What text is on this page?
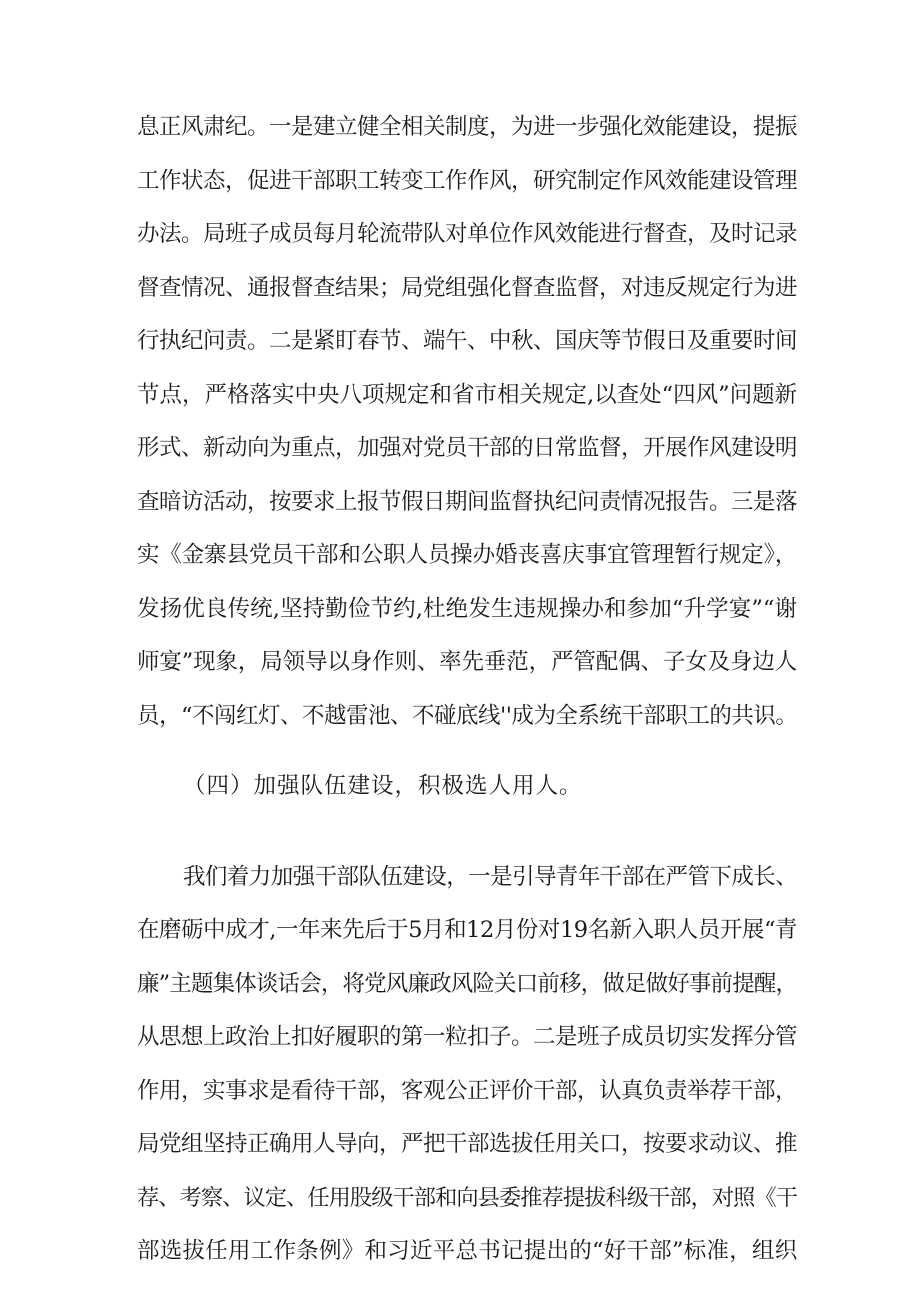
息正风肃纪。一是建立健全相关制度，为进一步强化效能建设，提振
工作状态，促进干部职工转变工作作风，研究制定作风效能建设管理
办法。局班子成员每月轮流带队对单位作风效能进行督查，及时记录
督查情况、通报督查结果；局党组强化督查监督，对违反规定行为进
行执纪问责。二是紧盯春节、端午、中秋、国庆等节假日及重要时间
节点，严格落实中央八项规定和省市相关规定,以查处“四风”问题新
形式、新动向为重点，加强对党员干部的日常监督，开展作风建设明
查暗访活动，按要求上报节假日期间监督执纪问责情况报告。三是落
实《金寨县党员干部和公职人员操办婚丧喜庆事宜管理暂行规定》，
发扬优良传统,坚持勤俭节约,杜绝发生违规操办和参加“升学宴”“谢
师宴”现象，局领导以身作则、率先垂范，严管配偶、子女及身边人
员，“不闯红灯、不越雷池、不碰底线''成为全系统干部职工的共识。
（四）加强队伍建设，积极选人用人。
我们着力加强干部队伍建设，一是引导青年干部在严管下成长、
在磨砺中成才,一年来先后于5月和12月份对19名新入职人员开展“青
廉”主题集体谈话会，将党风廉政风险关口前移，做足做好事前提醒，
从思想上政治上扣好履职的第一粒扣子。二是班子成员切实发挥分管
作用，实事求是看待干部，客观公正评价干部，认真负责举荐干部，
局党组坚持正确用人导向，严把干部选拔任用关口，按要求动议、推
荐、考察、议定、任用股级干部和向县委推荐提拔科级干部，对照《干
部选拔任用工作条例》和习近平总书记提出的“好干部”标准，组织
